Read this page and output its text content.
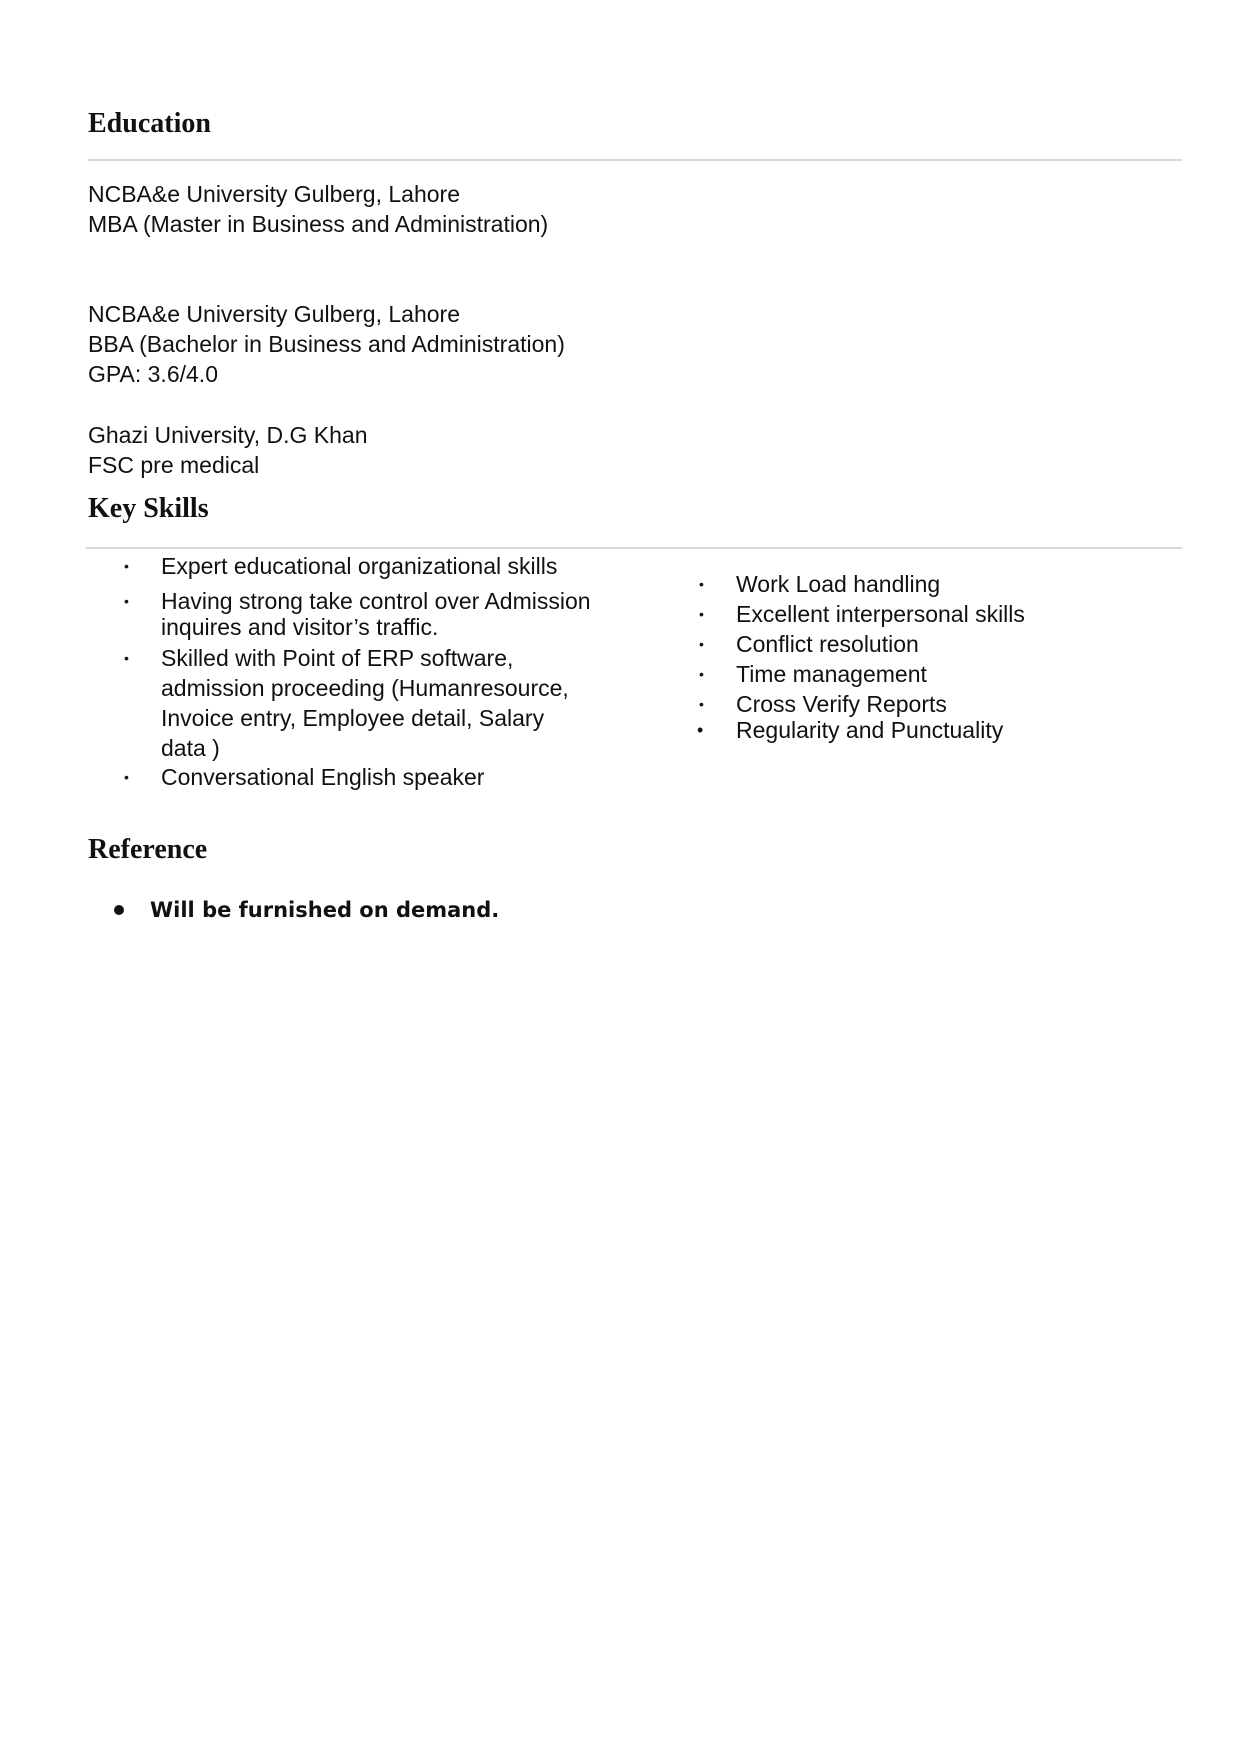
Education

NCBA&e University Gulberg, Lahore

MBA (Master in Business and Administration)

NCBA&e University Gulberg, Lahore

BBA (Bachelor in Business and Administration)

GPA: 3.6/4.0

Ghazi University, D.G Khan

FSC pre medical

Key Skills
• Expert educational organizational skills

• Having strong take control over Admission

inquires and visitor’s traffic.

• Skilled with Point of ERP software,

admission proceeding (Humanresource,

Invoice entry, Employee detail, Salary

data )

• Conversational English speaker

• Work Load handling

• Excellent interpersonal skills

• Conflict resolution

• Time management

• Cross Verify Reports

• Regularity and Punctuality

Reference

Will be furnished on demand.
